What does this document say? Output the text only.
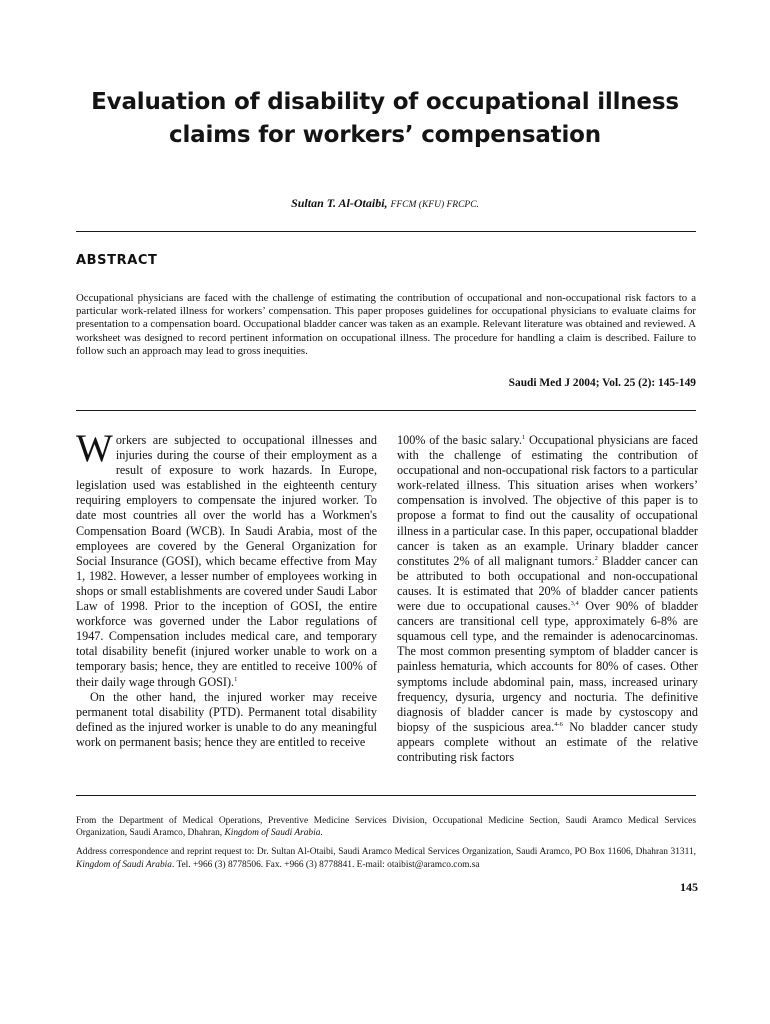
Evaluation of disability of occupational illness
claims for workers’ compensation
Sultan T. Al-Otaibi, FFCM (KFU) FRCPC.
ABSTRACT
Occupational physicians are faced with the challenge of estimating the contribution of occupational and non-occupational risk factors to a particular work-related illness for workers’ compensation. This paper proposes guidelines for occupational physicians to evaluate claims for presentation to a compensation board. Occupational bladder cancer was taken as an example. Relevant literature was obtained and reviewed. A worksheet was designed to record pertinent information on occupational illness. The procedure for handling a claim is described. Failure to follow such an approach may lead to gross inequities.
Saudi Med J 2004; Vol. 25 (2): 145-149

Workers are subjected to occupational illnesses and injuries during the course of their employment as a result of exposure to work hazards. In Europe, legislation used was established in the eighteenth century requiring employers to compensate the injured worker. To date most countries all over the world has a Workmen's Compensation Board (WCB). In Saudi Arabia, most of the employees are covered by the General Organization for Social Insurance (GOSI), which became effective from May 1, 1982. However, a lesser number of employees working in shops or small establishments are covered under Saudi Labor Law of 1998. Prior to the inception of GOSI, the entire workforce was governed under the Labor regulations of 1947. Compensation includes medical care, and temporary total disability benefit (injured worker unable to work on a temporary basis; hence, they are entitled to receive 100% of their daily wage through GOSI).$^1$

On the other hand, the injured worker may receive permanent total disability (PTD). Permanent total disability defined as the injured worker is unable to do any meaningful work on permanent basis; hence they are entitled to receive

100% of the basic salary.$^1$ Occupational physicians are faced with the challenge of estimating the contribution of occupational and non-occupational risk factors to a particular work-related illness. This situation arises when workers’ compensation is involved. The objective of this paper is to propose a format to find out the causality of occupational illness in a particular case. In this paper, occupational bladder cancer is taken as an example. Urinary bladder cancer constitutes 2% of all malignant tumors.$^2$ Bladder cancer can be attributed to both occupational and non-occupational causes. It is estimated that 20% of bladder cancer patients were due to occupational causes.$^{3,4}$ Over 90% of bladder cancers are transitional cell type, approximately 6-8% are squamous cell type, and the remainder is adenocarcinomas. The most common presenting symptom of bladder cancer is painless hematuria, which accounts for 80% of cases. Other symptoms include abdominal pain, mass, increased urinary frequency, dysuria, urgency and nocturia. The definitive diagnosis of bladder cancer is made by cystoscopy and biopsy of the suspicious area.$^{4-6}$ No bladder cancer study appears complete without an estimate of the relative contributing risk factors

From the Department of Medical Operations, Preventive Medicine Services Division, Occupational Medicine Section, Saudi Aramco Medical Services Organization, Saudi Aramco, Dhahran, Kingdom of Saudi Arabia.

Address correspondence and reprint request to: Dr. Sultan Al-Otaibi, Saudi Aramco Medical Services Organization, Saudi Aramco, PO Box 11606, Dhahran 31311, Kingdom of Saudi Arabia. Tel. +966 (3) 8778506. Fax. +966 (3) 8778841. E-mail: otaibist@aramco.com.sa

145
